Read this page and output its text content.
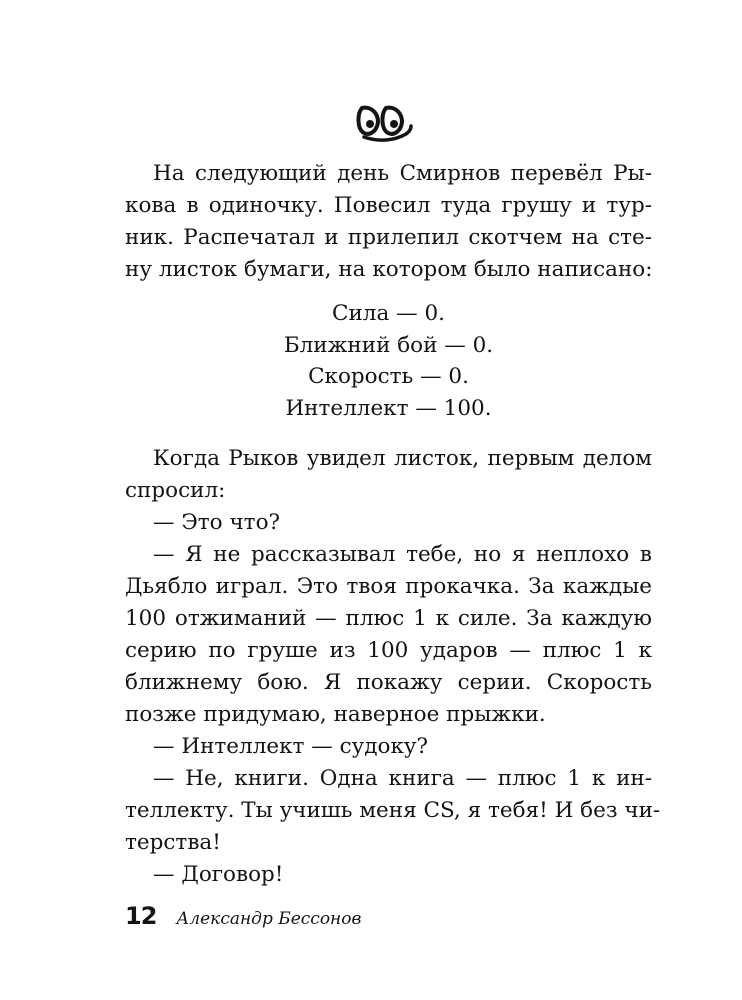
На следующий день Смирнов перевёл Ры-
кова в одиночку. Повесил туда грушу и тур-
ник. Распечатал и прилепил скотчем на сте-
ну листок бумаги, на котором было написано:
Сила — 0.
Ближний бой — 0.
Скорость — 0.
Интеллект — 100.
Когда Рыков увидел листок, первым делом
спросил:
— Это что?
— Я не рассказывал тебе, но я неплохо в
Дьябло играл. Это твоя прокачка. За каждые
100 отжиманий — плюс 1 к силе. За каждую
серию по груше из 100 ударов — плюс 1 к
ближнему бою. Я покажу серии. Скорость
позже придумаю, наверное прыжки.
— Интеллект — судоку?
— Не, книги. Одна книга — плюс 1 к ин-
теллекту. Ты учишь меня CS, я тебя! И без чи-
терства!
— Договор!
12 Александр Бессонов
